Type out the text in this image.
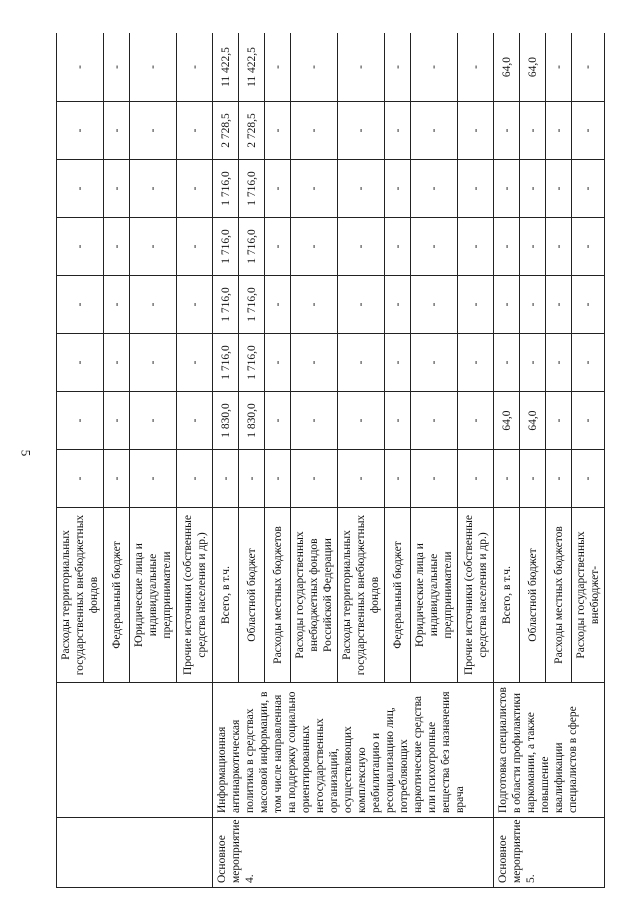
5
		Расходы территориальных государственных внебюджетных фондов	-	-	-	-	-	-	-	-
		Федеральный бюджет	-	-	-	-	-	-	-	-
		Юридические лица и индивидуальные предприниматели	-	-	-	-	-	-	-	-
		Прочие источники (собственные средства населения и др.)	-	-	-	-	-	-	-	-
Основное мероприятие 4.	Информационная антинаркотическая политика в средствах массовой информации, в том числе направленная на поддержку социально ориентированных негосударственных организаций, осуществляющих комплексную реабилитацию и ресоциализацию лиц, потребляющих наркотические средства или психотропные вещества без назначения врача	Всего, в т.ч.	-	1 830,0	1 716,0	1 716,0	1 716,0	1 716,0	2 728,5	11 422,5
		Областной бюджет	-	1 830,0	1 716,0	1 716,0	1 716,0	1 716,0	2 728,5	11 422,5
		Расходы местных бюджетов	-	-	-	-	-	-	-	-
		Расходы государственных внебюджетных фондов Российской Федерации	-	-	-	-	-	-	-	-
		Расходы территориальных государственных внебюджетных фондов	-	-	-	-	-	-	-	-
		Федеральный бюджет	-	-	-	-	-	-	-	-
		Юридические лица и индивидуальные предприниматели	-	-	-	-	-	-	-	-
		Прочие источники (собственные средства населения и др.)	-	-	-	-	-	-	-	-
Основное мероприятие 5.	Подготовка специалистов в области профилактики наркомании, а также повышение квалификации специалистов в сфере	Всего, в т.ч.	-	64,0	-	-	-	-	-	64,0
		Областной бюджет	-	64,0	-	-	-	-	-	64,0
		Расходы местных бюджетов	-	-	-	-	-	-	-	-
		Расходы государственных внебюджет-	-	-	-	-	-	-	-	-
